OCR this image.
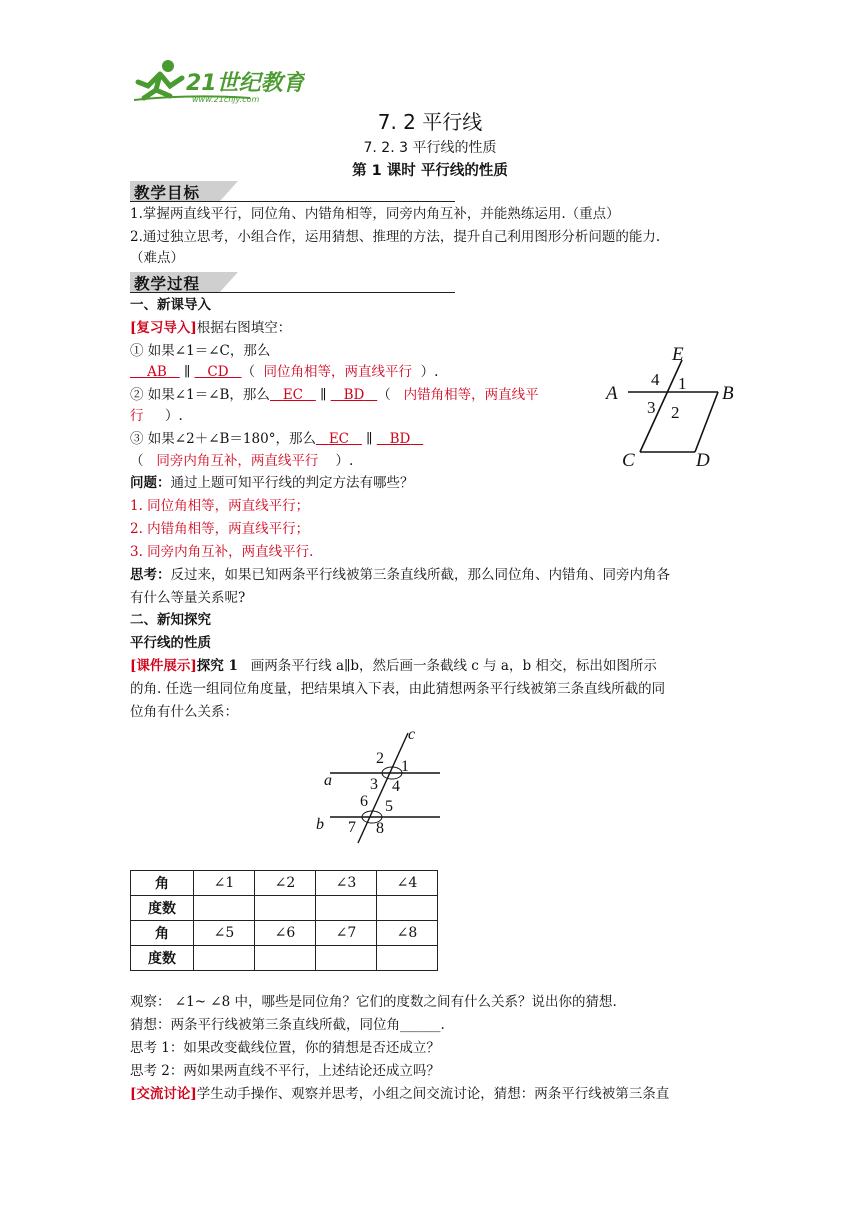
21世纪教育
www.21cnjy.com
7. 2 平行线
7. 2. 3 平行线的性质
第 1 课时 平行线的性质
教学目标
1.掌握两直线平行，同位角、内错角相等，同旁内角互补，并能熟练运用.（重点）
2.通过独立思考，小组合作，运用猜想、推理的方法，提升自己利用图形分析问题的能力.
（难点）
教学过程
一、新课导入
[复习导入]根据右图填空：
① 如果∠1＝∠C，那么
AB    ∥    CD （  同位角相等，两直线平行  ）.
② 如果∠1＝∠B，那么 EC    ∥    BD （   内错角相等，两直线平
行     ）.
③ 如果∠2＋∠B＝180°，那么 EC    ∥    BD
（   同旁内角互补，两直线平行    ）.
E
A	B
C	D
1
2
3
4
问题：通过上题可知平行线的判定方法有哪些？
1. 同位角相等，两直线平行；
2. 内错角相等，两直线平行；
3. 同旁内角互补，两直线平行.
思考：反过来，如果已知两条平行线被第三条直线所截，那么同位角、内错角、同旁内角各
有什么等量关系呢?
二、新知探究
平行线的性质
[课件展示]探究 1 画两条平行线 a∥b，然后画一条截线 c 与 a，b 相交，标出如图所示
的角. 任选一组同位角度量，把结果填入下表，由此猜想两条平行线被第三条直线所截的同
位角有什么关系：
c
a
b
1
2
3 4
5
6
7 8
角	∠1	∠2	∠3	∠4
度数				
角	∠5	∠6	∠7	∠8
度数				
观察： ∠1~ ∠8 中，哪些是同位角？它们的度数之间有什么关系？说出你的猜想.
猜想：两条平行线被第三条直线所截，同位角______.
思考 1：如果改变截线位置，你的猜想是否还成立？
思考 2：两如果两直线不平行，上述结论还成立吗？
[交流讨论]学生动手操作、观察并思考，小组之间交流讨论，猜想：两条平行线被第三条直
